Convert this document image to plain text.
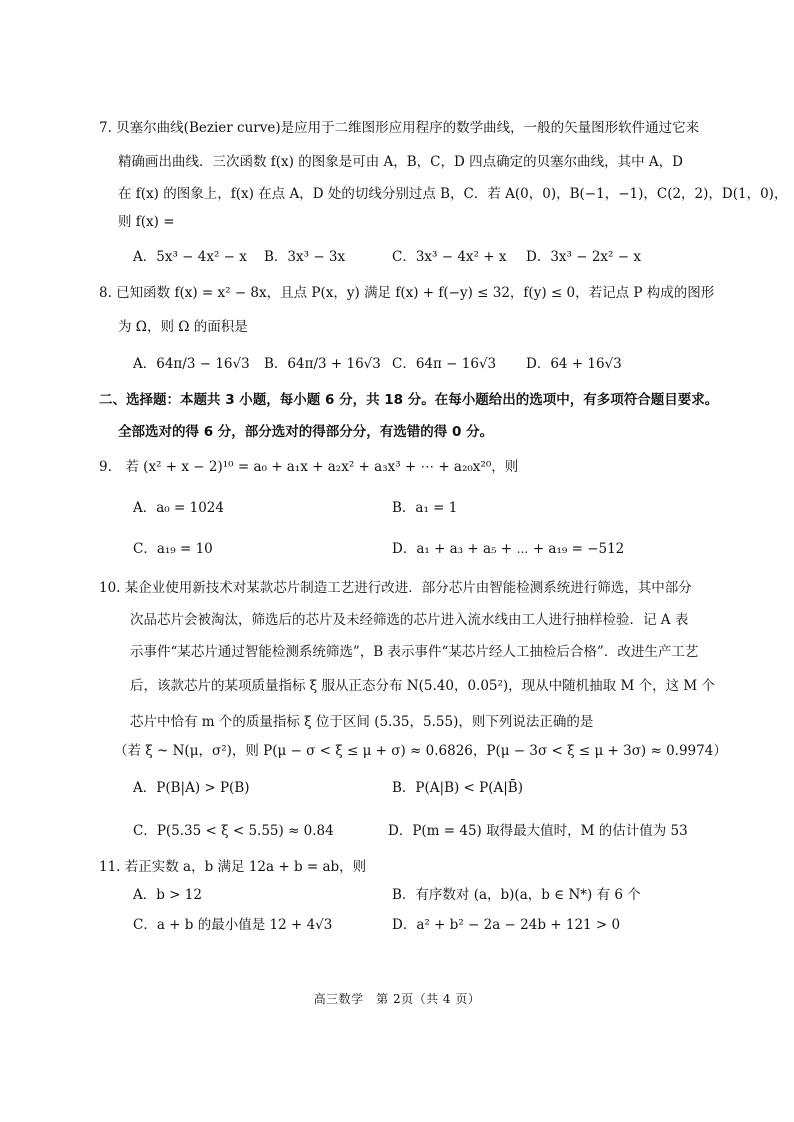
7. 贝塞尔曲线(Bezier curve)是应用于二维图形应用程序的数学曲线，一般的矢量图形软件通过它来
精确画出曲线．三次函数 f(x) 的图象是可由 A，B，C，D 四点确定的贝塞尔曲线，其中 A，D
在 f(x) 的图象上，f(x) 在点 A，D 处的切线分别过点 B，C．若 A(0，0)，B(−1，−1)，C(2，2)，D(1，0)，
则 f(x) =
A．5x³ − 4x² − x B．3x³ − 3x	C．3x³ − 4x² + x D．3x³ − 2x² − x
8. 已知函数 f(x) = x² − 8x，且点 P(x，y) 满足 f(x) + f(−y) ≤ 32，f(y) ≤ 0，若记点 P 构成的图形
为 Ω，则 Ω 的面积是
A．64π/3 − 16√3 B．64π/3 + 16√3 C．64π − 16√3 D．64 + 16√3
二、选择题：本题共 3 小题，每小题 6 分，共 18 分。在每小题给出的选项中，有多项符合题目要求。
全部选对的得 6 分，部分选对的得部分分，有选错的得 0 分。
9.　若 (x² + x − 2)¹⁰ = a₀ + a₁x + a₂x² + a₃x³ + ⋯ + a₂₀x²⁰，则
A．a₀ = 1024	B．a₁ = 1
C．a₁₉ = 10	D．a₁ + a₃ + a₅ + ⋯ + a₁₉ = −512
10. 某企业使用新技术对某款芯片制造工艺进行改进．部分芯片由智能检测系统进行筛选，其中部分
次品芯片会被淘汰，筛选后的芯片及未经筛选的芯片进入流水线由工人进行抽样检验．记 A 表
示事件“某芯片通过智能检测系统筛选”，B 表示事件“某芯片经人工抽检后合格”．改进生产工艺
后，该款芯片的某项质量指标 ξ 服从正态分布 N(5.40，0.05²)，现从中随机抽取 M 个，这 M 个
芯片中恰有 m 个的质量指标 ξ 位于区间 (5.35，5.55)，则下列说法正确的是
（若 ξ ~ N(μ，σ²)，则 P(μ − σ < ξ ≤ μ + σ) ≈ 0.6826，P(μ − 3σ < ξ ≤ μ + 3σ) ≈ 0.9974）
A．P(B|A) > P(B)	B．P(A|B) < P(A|B̄)
C．P(5.35 < ξ < 5.55) ≈ 0.84	D．P(m = 45) 取得最大值时，M 的估计值为 53
11. 若正实数 a，b 满足 12a + b = ab，则
A．b > 12	B．有序数对 (a，b)(a，b ∈ N*) 有 6 个
C．a + b 的最小值是 12 + 4√3	D．a² + b² − 2a − 24b + 121 > 0
高三数学　第 2页（共 4 页）
